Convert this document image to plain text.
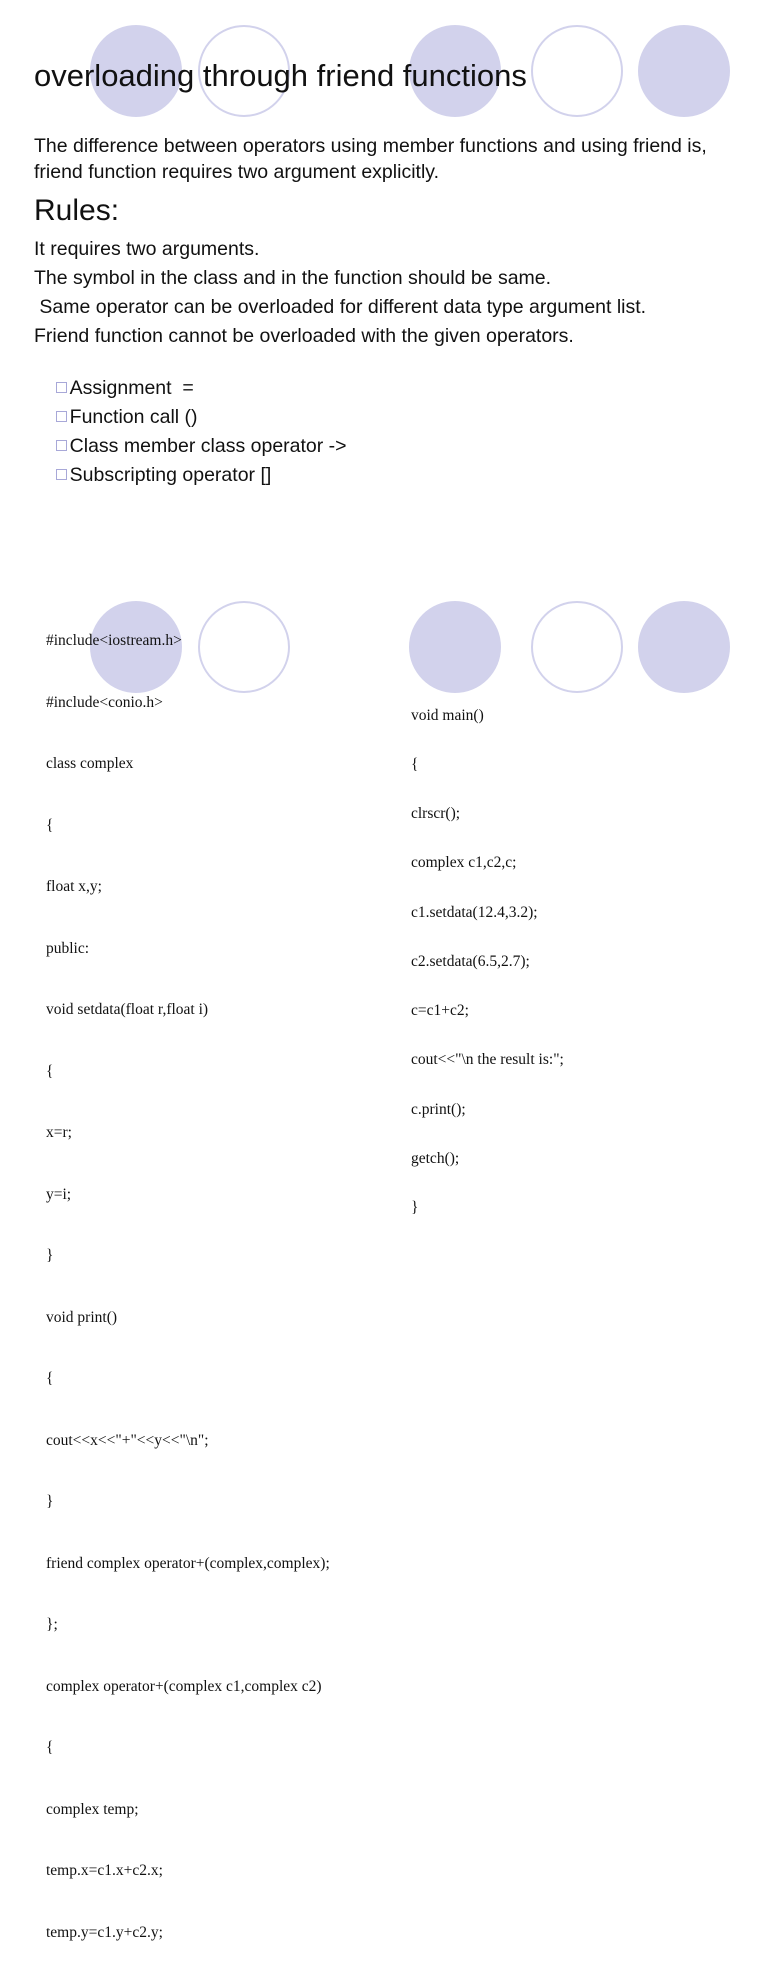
overloading through friend functions

The difference between operators using member functions and using friend is, friend function requires two argument explicitly.

Rules:
It requires two arguments.
The symbol in the class and in the function should be same.
Same operator can be overloaded for different data type argument list.
Friend function cannot be overloaded with the given operators.

Assignment  =

Function call ()

Class member class operator ->

Subscripting operator []

#include<iostream.h>

#include<conio.h>

class complex

{

float x,y;

public:

void setdata(float r,float i)

{

x=r;

y=i;

}

void print()

{

cout<<x<<"+"<<y<<"\n";

}

friend complex operator+(complex,complex);

};

complex operator+(complex c1,complex c2)

{

complex temp;

temp.x=c1.x+c2.x;

temp.y=c1.y+c2.y;

void main()

{

clrscr();

complex c1,c2,c;

c1.setdata(12.4,3.2);

c2.setdata(6.5,2.7);

c=c1+c2;

cout<<"\n the result is:";

c.print();

getch();

}
